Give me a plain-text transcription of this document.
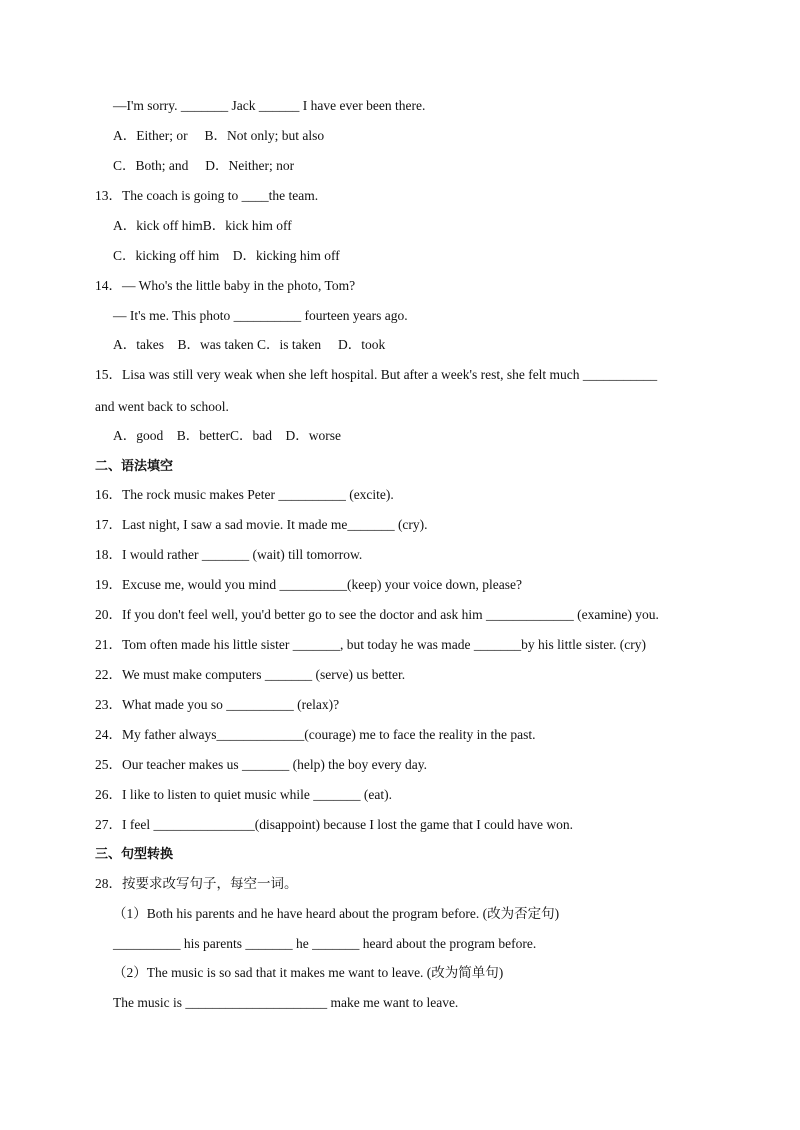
—I'm sorry. _______ Jack ______ I have ever been there.
A．Either; or　 B．Not only; but also
C．Both; and　 D．Neither; nor
13．The coach is going to ____the team.
A．kick off himB．kick him off
C．kicking off him　D．kicking him off
14．— Who's the little baby in the photo, Tom?
— It's me. This photo __________ fourteen years ago.
A．takes　B．was taken C．is taken　 D．took
15．Lisa was still very weak when she left hospital. But after a week's rest, she felt much ___________
and went back to school.
A．good　B．betterC．bad　D．worse
二、语法填空
16．The rock music makes Peter __________ (excite).
17．Last night, I saw a sad movie. It made me_______ (cry).
18．I would rather _______ (wait) till tomorrow.
19．Excuse me, would you mind __________(keep) your voice down, please?
20．If you don't feel well, you'd better go to see the doctor and ask him _____________ (examine) you.
21．Tom often made his little sister _______, but today he was made _______by his little sister. (cry)
22．We must make computers _______ (serve) us better.
23．What made you so __________ (relax)?
24．My father always_____________(courage) me to face the reality in the past.
25．Our teacher makes us _______ (help) the boy every day.
26．I like to listen to quiet music while _______ (eat).
27．I feel _______________(disappoint) because I lost the game that I could have won.
三、句型转换
28．按要求改写句子，每空一词。
（1）Both his parents and he have heard about the program before. (改为否定句)
__________ his parents _______ he _______ heard about the program before.
（2）The music is so sad that it makes me want to leave. (改为简单句)
The music is _____________________ make me want to leave.
